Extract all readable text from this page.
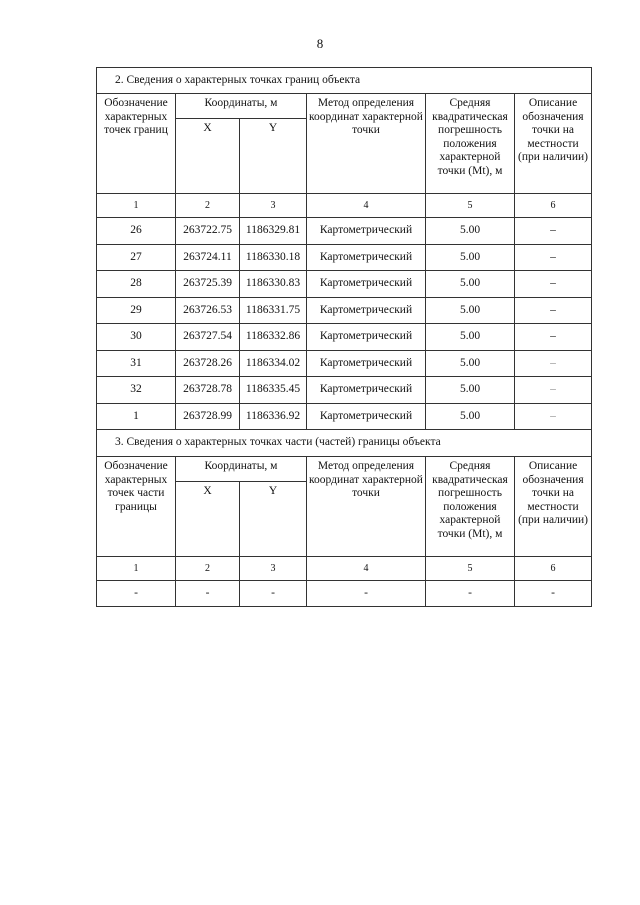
8
2. Сведения о характерных точках границ объекта					
Обозначение характерных точек границ	Координаты, м		Метод определения координат характерной точки	Средняя квадратическая погрешность положения характерной точки (Mt), м	Описание обозначения точки на местности (при наличии)
	X	Y			
1	2	3	4	5	6
26	263722.75	1186329.81	Картометрический	5.00	–
27	263724.11	1186330.18	Картометрический	5.00	–
28	263725.39	1186330.83	Картометрический	5.00	–
29	263726.53	1186331.75	Картометрический	5.00	–
30	263727.54	1186332.86	Картометрический	5.00	–
31	263728.26	1186334.02	Картометрический	5.00	–
32	263728.78	1186335.45	Картометрический	5.00	–
1	263728.99	1186336.92	Картометрический	5.00	–
3. Сведения о характерных точках части (частей) границы объекта					
Обозначение характерных точек части границы	Координаты, м		Метод определения координат характерной точки	Средняя квадратическая погрешность положения характерной точки (Mt), м	Описание обозначения точки на местности (при наличии)
	X	Y			
1	2	3	4	5	6
-	-	-	-	-	-
